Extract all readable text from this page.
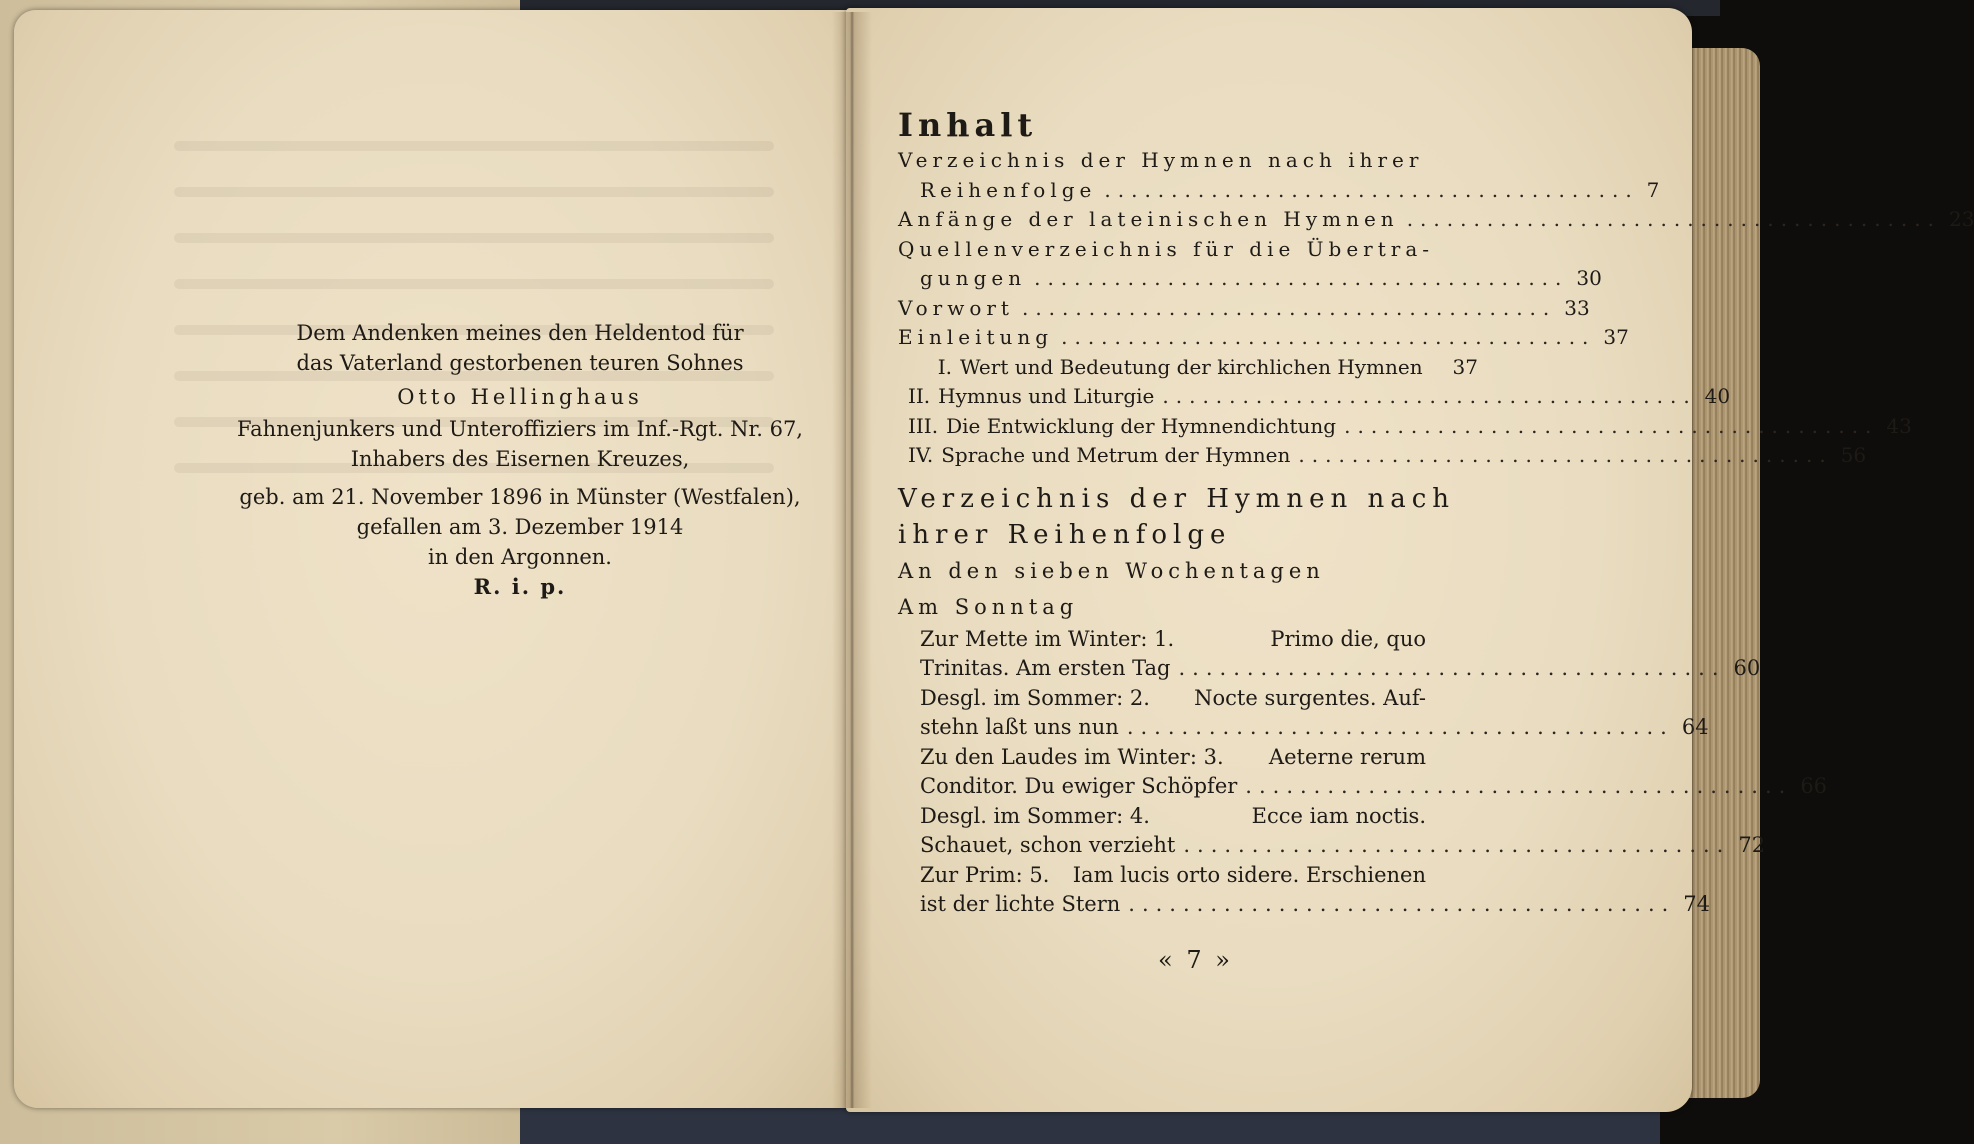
Dem Andenken meines den Heldentod für
das Vaterland gestorbenen teuren Sohnes
Otto Hellinghaus
Fahnenjunkers und Unteroffiziers im Inf.-Rgt. Nr. 67,
Inhabers des Eisernen Kreuzes,
geb. am 21. November 1896 in Münster (Westfalen),
gefallen am 3. Dezember 1914
in den Argonnen.
R. i. p.
Inhalt
Verzeichnis der Hymnen nach ihrer
Reihenfolge ........................................ 7
Anfänge der lateinischen Hymnen ........................................ 23
Quellenverzeichnis für die Übertra-
gungen ........................................ 30
Vorwort ........................................ 33
Einleitung ........................................ 37
I. Wert und Bedeutung der kirchlichen Hymnen	37
II. Hymnus und Liturgie ........................................ 40
III. Die Entwicklung der Hymnendichtung ........................................ 43
IV. Sprache und Metrum der Hymnen ........................................ 56
Verzeichnis der Hymnen nach
ihrer Reihenfolge
An den sieben Wochentagen
Am Sonntag
Zur Mette im Winter: 1.	Primo die, quo
Trinitas. Am ersten Tag ........................................ 60
Desgl. im Sommer: 2. Nocte surgentes. Auf-
stehn laßt uns nun ........................................ 64
Zu den Laudes im Winter: 3. Aeterne rerum
Conditor. Du ewiger Schöpfer ........................................ 66
Desgl. im Sommer: 4.	Ecce iam noctis.
Schauet, schon verzieht ........................................ 72
Zur Prim: 5. Iam lucis orto sidere. Erschienen
ist der lichte Stern ........................................ 74
« 7 »
